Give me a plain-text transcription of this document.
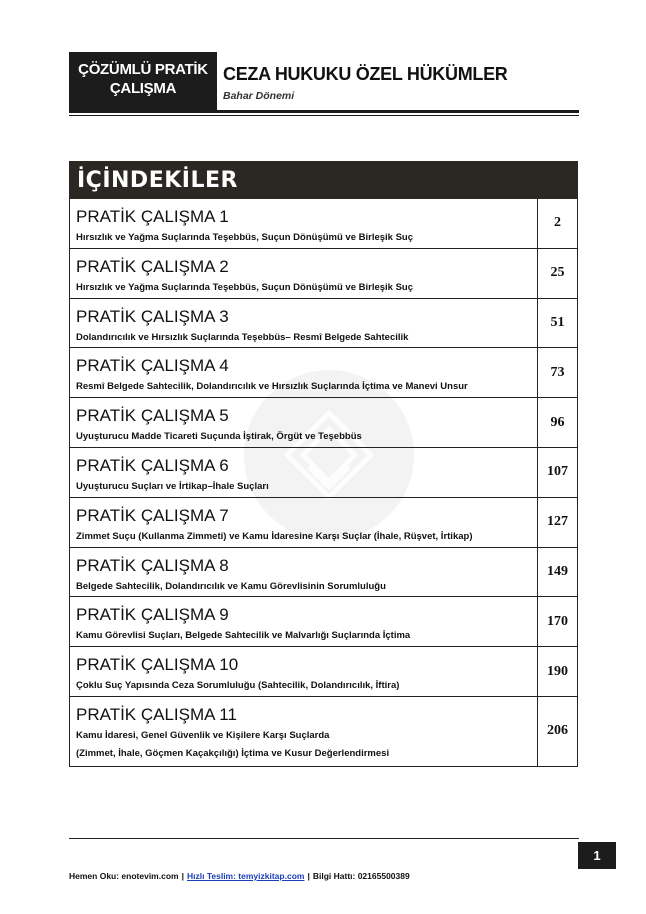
ÇÖZÜMLÜ PRATİK
ÇALIŞMA
CEZA HUKUKU ÖZEL HÜKÜMLER
Bahar Dönemi
İÇİNDEKİLER
PRATİK ÇALIŞMA 1
Hırsızlık ve Yağma Suçlarında Teşebbüs, Suçun Dönüşümü ve Birleşik Suç
2
PRATİK ÇALIŞMA 2
Hırsızlık ve Yağma Suçlarında Teşebbüs, Suçun Dönüşümü ve Birleşik Suç
25
PRATİK ÇALIŞMA 3
Dolandırıcılık ve Hırsızlık Suçlarında Teşebbüs– Resmî Belgede Sahtecilik
51
PRATİK ÇALIŞMA 4
Resmî Belgede Sahtecilik, Dolandırıcılık ve Hırsızlık Suçlarında İçtima ve Manevi Unsur
73
PRATİK ÇALIŞMA 5
Uyuşturucu Madde Ticareti Suçunda İştirak, Örgüt ve Teşebbüs
96
PRATİK ÇALIŞMA 6
Uyuşturucu Suçları ve İrtikap–İhale Suçları
107
PRATİK ÇALIŞMA 7
Zimmet Suçu (Kullanma Zimmeti) ve Kamu İdaresine Karşı Suçlar (İhale, Rüşvet, İrtikap)
127
PRATİK ÇALIŞMA 8
Belgede Sahtecilik, Dolandırıcılık ve Kamu Görevlisinin Sorumluluğu
149
PRATİK ÇALIŞMA 9
Kamu Görevlisi Suçları, Belgede Sahtecilik ve Malvarlığı Suçlarında İçtima
170
PRATİK ÇALIŞMA 10
Çoklu Suç Yapısında Ceza Sorumluluğu (Sahtecilik, Dolandırıcılık, İftira)
190
PRATİK ÇALIŞMA 11
Kamu İdaresi, Genel Güvenlik ve Kişilere Karşı Suçlarda
(Zimmet, İhale, Göçmen Kaçakçılığı) İçtima ve Kusur Değerlendirmesi
206
1
Hemen Oku: enotevim.com | Hızlı Teslim: temyizkitap.com | Bilgi Hattı: 02165500389
